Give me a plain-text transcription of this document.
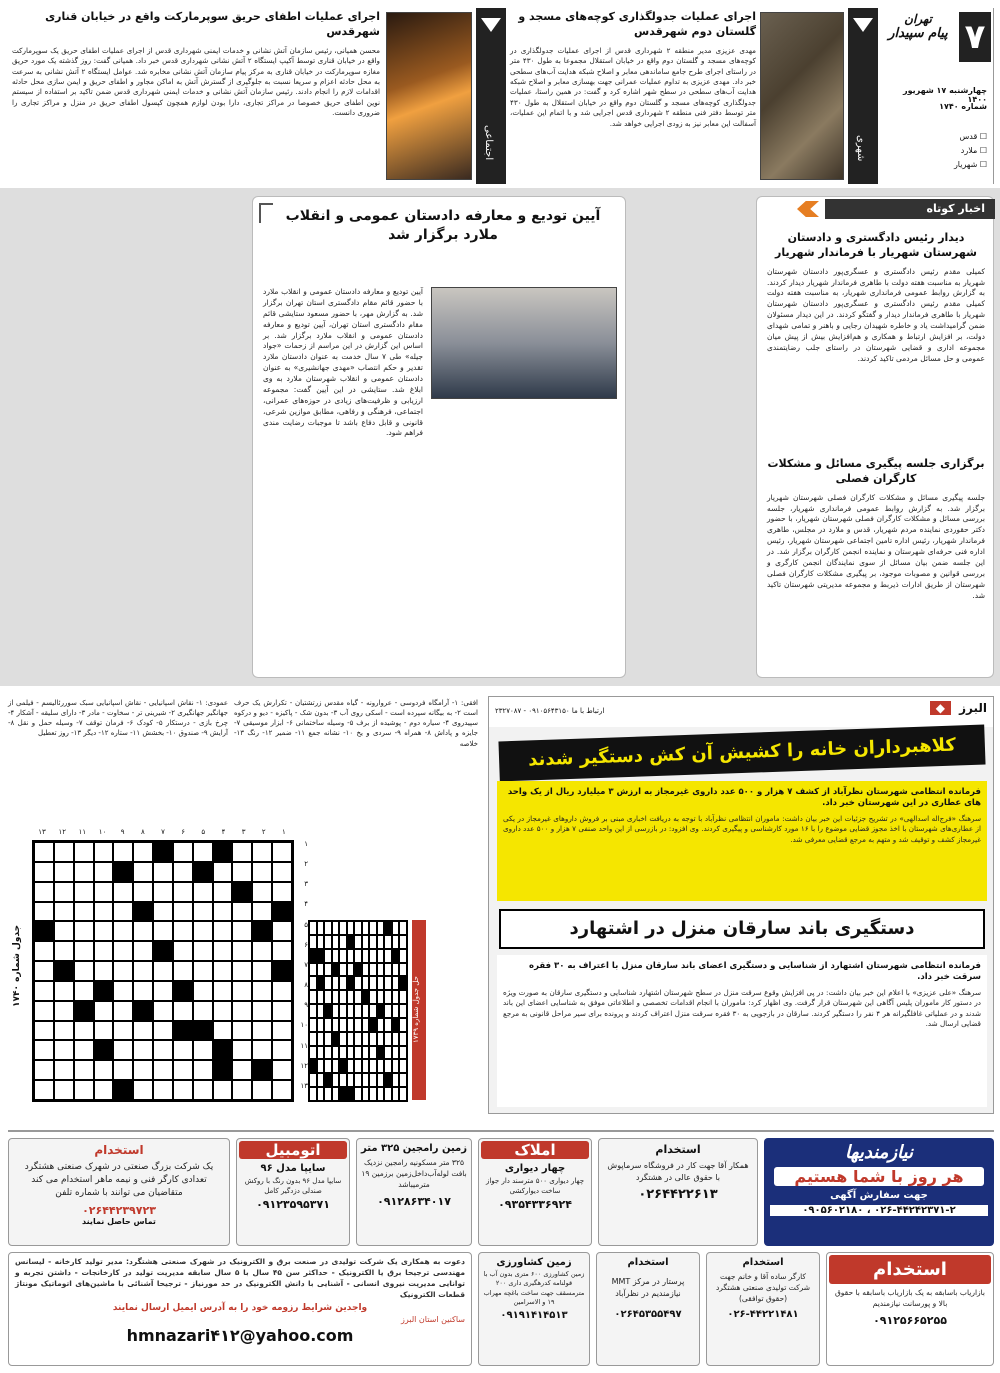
۷
تهران
پیام سپیدار
چهارشنبه ۱۷ شهریور ۱۴۰۰
شماره ۱۷۴۰
☐ قدس
☐ ملارد
☐ شهریار
شهری
اجرای عملیات جدولگذاری کوچه‌های مسجد و گلستان دوم شهرقدس
مهدی عزیزی مدیر منطقه ۲ شهرداری قدس از اجرای عملیات جدولگذاری در کوچه‌های مسجد و گلستان دوم واقع در خیابان استقلال مجموعا به طول ۴۳۰ متر در راستای اجرای طرح جامع ساماندهی معابر و اصلاح شبکه هدایت آب‌های سطحی خبر داد. مهدی عزیزی به تداوم عملیات عمرانی جهت بهسازی معابر و اصلاح شبکه هدایت آب‌های سطحی در سطح شهر اشاره کرد و گفت: در همین راستا، عملیات جدولگذاری کوچه‌های مسجد و گلستان دوم واقع در خیابان استقلال به طول ۴۳۰ متر توسط دفتر فنی منطقه ۲ شهرداری قدس اجرایی شد و با اتمام این عملیات، آسفالت این معابر نیز به زودی اجرایی خواهد شد.
اجتماعی
اجرای عملیات اطفای حریق سوپرمارکت واقع در خیابان قناری شهرقدس
محسن همیانی، رئیس سازمان آتش نشانی و خدمات ایمنی شهرداری قدس از اجرای عملیات اطفای حریق یک سوپرمارکت واقع در خیابان قناری توسط آکیپ ایستگاه ۲ آتش نشانی شهرداری قدس خبر داد. همیانی گفت: روز گذشته یک مورد حریق مغازه سوپرمارکت در خیابان قناری به مرکز پیام سازمان آتش نشانی مخابره شد. عوامل ایستگاه ۲ آتش نشانی به سرعت به محل حادثه اعزام و سریعا نسبت به جلوگیری از گسترش آتش به اماکن مجاور و اطفای حریق و ایمن سازی محل حادثه اقدامات لازم را انجام دادند. رئیس سازمان آتش نشانی و خدمات ایمنی شهرداری قدس ضمن تاکید بر استفاده از سیستم نوین اطفای حریق خصوصا در مراکز تجاری، دارا بودن لوازم همچون کپسول اطفای حریق در منزل و مراکز تجاری را ضروری دانست.
اخبار کوتاه
دیدار رئیس دادگستری و دادستان شهرستان شهریار با فرماندار شهریار
کمیلی مقدم رئیس دادگستری و عسگری‌پور دادستان شهرستان شهریار به مناسبت هفته دولت با طاهری فرماندار شهریار دیدار کردند. به گزارش روابط عمومی فرمانداری شهریار، به مناسبت هفته دولت کمیلی مقدم رئیس دادگستری و عسگری‌پور دادستان شهرستان شهریار با طاهری فرماندار دیدار و گفتگو کردند. در این دیدار مسئولان ضمن گرامیداشت یاد و خاطره شهیدان رجایی و باهنر و تمامی شهدای دولت، بر افزایش ارتباط و همکاری و هم‌افزایش بیش از پیش میان مجموعه اداری و قضایی شهرستان در راستای جلب رضایتمندی عمومی و حل مسائل مردمی تاکید کردند.
برگزاری جلسه پیگیری مسائل و مشکلات کارگران فصلی
جلسه پیگیری مسائل و مشکلات کارگران فصلی شهرستان شهریار برگزار شد. به گزارش روابط عمومی فرمانداری شهریار، جلسه بررسی مسائل و مشکلات کارگران فصلی شهرستان شهریار، با حضور دکتر حقوردی نماینده مردم شهریار، قدس و ملارد در مجلس، طاهری فرماندار شهریار، رئیس اداره تامین اجتماعی شهرستان شهریار، رئیس اداره فنی حرفه‌ای شهرستان و نماینده انجمن کارگران برگزار شد. در این جلسه ضمن بیان مسائل از سوی نمایندگان انجمن کارگری و بررسی قوانین و مصوبات موجود، بر پیگیری مشکلات کارگران فصلی شهرستان از طریق ادارات ذیربط و مجموعه مدیریتی شهرستان تاکید شد.
آیین تودیع و معارفه دادستان عمومی و انقلاب ملارد برگزار شد
آیین تودیع و معارفه دادستان عمومی و انقلاب ملارد با حضور قائم مقام دادگستری استان تهران برگزار شد. به گزارش مهر، با حضور مسعود ستایشی قائم مقام دادگستری استان تهران، آیین تودیع و معارفه دادستان عمومی و انقلاب ملارد برگزار شد. بر اساس این گزارش در این مراسم از زحمات «جواد جیله» طی ۷ سال خدمت به عنوان دادستان ملارد تقدیر و حکم انتصاب «مهدی جهانشیری» به عنوان دادستان عمومی و انقلاب شهرستان ملارد به وی ابلاغ شد. ستایشی در این آیین گفت: مجموعه ارزیابی و ظرفیت‌های زیادی در حوزه‌های عمرانی، اجتماعی، فرهنگی و رفاهی، مطابق موازین شرعی، قانونی و قابل دفاع باشد تا موجبات رضایت مندی فراهم شود.
البرز ◆
ارتباط با ما ۰۹۱۰۵۶۴۳۱۵۰ - ۲۳۲۷۰۸۷
کلاهبرداران خانه را کشیش آن کش دستگیر شدند
فرمانده انتظامی شهرستان نظرآباد از کشف ۷ هزار و ۵۰۰ عدد داروی غیرمجاز به ارزش ۳ میلیارد ریال از یک واحد های عطاری در این شهرستان خبر داد.
سرهنگ «فرج‌اله اسدالهی» در تشریح جزئیات این خبر بیان داشت: ماموران انتظامی نظرآباد با توجه به دریافت اخباری مبنی بر فروش داروهای غیرمجاز در یکی از عطاری‌های شهرستان با اخذ مجوز قضایی موضوع را با ۱۶ مورد کارشناسی و پیگیری کردند. وی افزود: در بازرسی از این واحد صنفی ۷ هزار و ۵۰۰ عدد داروی غیرمجاز کشف و توقیف شد و متهم به مرجع قضایی معرفی شد.
دستگیری باند سارقان منزل در اشتهارد
فرمانده انتظامی شهرستان اشتهارد از شناسایی و دستگیری اعضای باند سارقان منزل با اعتراف به ۳۰ فقره سرقت خبر داد.
سرهنگ «علی عزیزی» با اعلام این خبر بیان داشت: در پی افزایش وقوع سرقت منزل در سطح شهرستان اشتهارد شناسایی و دستگیری سارقان به صورت ویژه در دستور کار ماموران پلیس آگاهی این شهرستان قرار گرفت. وی اظهار کرد: ماموران با انجام اقدامات تخصصی و اطلاعاتی موفق به شناسایی اعضای این باند شدند و در عملیاتی غافلگیرانه هر ۴ نفر را دستگیر کردند. سارقان در بازجویی به ۳۰ فقره سرقت منزل اعتراف کردند و پرونده برای سیر مراحل قانونی به مرجع قضایی ارسال شد.
عمودی: ۱- نقاش اسپانیایی - نقاش اسپانیایی سبک سوررئالیسم - فیلمی از جهانگیر جهانگیری ۲- شیرینی تر - سخاوت - مادر ۳- دارای سلیقه - آشکار ۴- چرخ بازی - درستکار ۵- کودک ۶- فرمان توقف ۷- وسیله حمل و نقل ۸- آرایش ۹- صندوق ۱۰- بخشش ۱۱- ستاره ۱۲- دیگر ۱۳- روز تعطیل
افقی: ۱- آرامگاه فردوسی - عروارونه - گیاه مقدس زرتشتیان - تکرارش یک حرف است ۲- به بیگانه سپرده است - اسکی روی آب ۳- بدون شک - پاکیزه - دیو و درکوه سپیدروی ۴- سیاره دوم - پوشیده از برف ۵- وسیله ساختمانی ۶- ابزار موسیقی ۷- جایزه و پاداش ۸- همراه ۹- سردی و یخ ۱۰- نشانه جمع ۱۱- ضمیر ۱۲- رنگ ۱۳- خلاصه
۱
۲
۳
۴
۵
۶
۷
۸
۹
۱۰
۱۱
۱۲
۱۳
جدول شماره ۱۷۴۰
حل جدول شماره ۱۷۳۹
۱
۲
۳
۴
۵
۶
۷
۸
۹
۱۰
۱۱
۱۲
۱۳
نیازمندیها
هر روز با شما هستیم
جهت سفارش آگهی
۰۲۶-۴۴۲۴۲۳۷۱-۲ ، ۰۹۰۵۶۰۲۱۸۰
استخدام
همکار آقا جهت کار در فروشگاه سرماپوش با حقوق عالی در هشتگرد
۰۲۶۴۴۲۲۶۱۳
املاک
چهار دیواری
چهار دیواری ۵۰۰ مترسند دار جواز ساخت دیوارکشی
۰۹۳۵۴۳۳۶۹۲۴
زمین رامجین ۳۲۵ متر
۳۲۵ متر مسکونیه رامجین نزدیک بافت لوله‌آب‌داخل‌زمین برزمین ۱۹ مترمیباشد
۰۹۱۲۸۶۳۴۰۱۷
اتومبیل
سایپا مدل ۹۶
سایپا مدل ۹۶ بدون رنگ با روکش صندلی دزدگیر کامل
۰۹۱۲۳۵۹۵۳۷۱
استخدام
یک شرکت بزرگ صنعتی در شهرک صنعتی هشتگرد تعدادی کارگر فنی و نیمه ماهر استخدام می کند متقاضیان می توانند با شماره تلفن
۰۲۶۴۴۲۳۹۷۲۳
تماس حاصل نمایند
استخدام
بازاریاب باسابقه به یک بازاریاب باسابقه با حقوق بالا و پورسانت نیازمندیم
۰۹۱۲۵۶۶۵۲۵۵
استخدام
کارگر ساده آقا و خانم جهت شرکت تولیدی صنعتی هشتگرد (حقوق توافقی)
۰۲۶-۴۴۲۲۱۴۸۱
استخدام
پرستار در مرکز MMT نیازمندیم در نظرآباد
۰۲۶۴۵۳۵۵۴۹۷
زمین کشاورزی
زمین کشاورزی ۶۰۰ متری بدون آب با قولنامه کدرهگیری داری ۲۰۰ مترمسقف جهت ساخت باغچه مهراب ۱۹ و الاسرامین
۰۹۱۹۱۴۱۴۵۱۳
دعوت به همکاری یک شرکت تولیدی در صنعت برق و الکترونیک در شهرک صنعتی هشتگرد: مدیر تولید کارخانه - لیسانس مهندسی ترجیحا برق یا الکترونیک - حداکثر سن ۴۵ سال با ۵ سال سابقه مدیریت تولید در کارخانجات - داشتن تجربه و توانایی مدیریت نیروی انسانی - آشنایی با دانش الکترونیک در حد مورنیاز - ترجیحا آشنائی با ماشین‌های اتوماتیک مونتاژ قطعات الکترونیک
واجدین شرایط رزومه خود را به آدرس ایمیل ارسال نمایند
ساکنین استان البرز
hmnazari۴۱۲@yahoo.com
